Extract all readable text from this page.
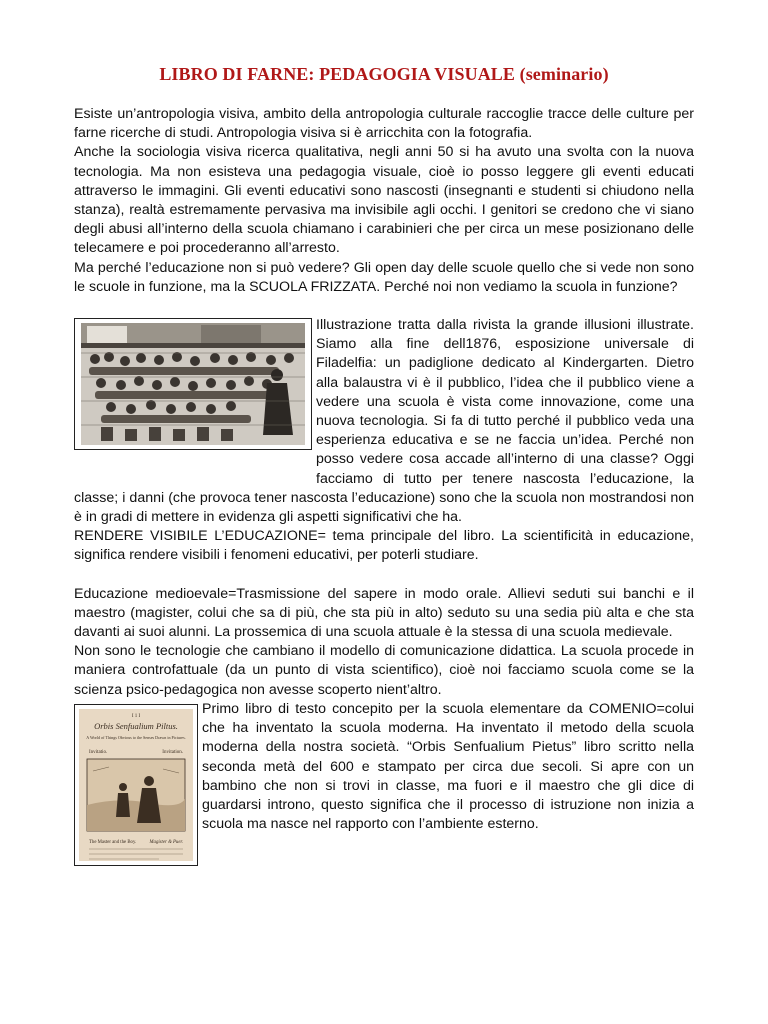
LIBRO DI FARNE: PEDAGOGIA VISUALE (seminario)

Esiste un’antropologia visiva, ambito della antropologia culturale raccoglie tracce delle culture per farne ricerche di studi. Antropologia visiva si è arricchita con la fotografia.

Anche la sociologia visiva ricerca qualitativa, negli anni 50 si ha avuto una svolta con la nuova tecnologia. Ma non esisteva una pedagogia visuale, cioè io posso leggere gli eventi educati attraverso le immagini. Gli eventi educativi sono nascosti (insegnanti e studenti si chiudono nella stanza), realtà estremamente pervasiva ma invisibile agli occhi. I genitori se credono che vi siano degli abusi all’interno della scuola chiamano i carabinieri che per circa un mese posizionano delle telecamere e poi procederanno all’arresto.

Ma perché l’educazione non si può vedere? Gli open day delle scuole quello che si vede non sono le scuole in funzione, ma la SCUOLA FRIZZATA. Perché noi non vediamo la scuola in funzione?

Illustrazione tratta dalla rivista la grande illusioni illustrate. Siamo alla fine dell1876, esposizione universale di Filadelfia: un padiglione dedicato al Kindergarten. Dietro alla balaustra vi è il pubblico, l’idea che il pubblico viene a vedere una scuola è vista come innovazione, come una nuova tecnologia. Si fa di tutto perché il pubblico veda una esperienza educativa e se ne faccia un’idea. Perché non posso vedere cosa accade all’interno di una classe? Oggi facciamo di tutto per tenere nascosta l’educazione, la classe; i danni (che provoca tener nascosta l’educazione) sono che la scuola non mostrandosi non è in gradi di mettere in evidenza gli aspetti significativi che ha.

RENDERE VISIBILE L’EDUCAZIONE= tema principale del libro. La scientificità in educazione, significa rendere visibili i fenomeni educativi, per poterli studiare.

Educazione medioevale=Trasmissione del sapere in modo orale. Allievi seduti sui banchi e il maestro (magister, colui che sa di più, che sta più in alto) seduto su una sedia più alta e che sta davanti ai suoi alunni. La prossemica di una scuola attuale è la stessa di una scuola medievale.

Non sono le tecnologie che cambiano il modello di comunicazione didattica. La scuola procede in maniera controfattuale (da un punto di vista scientifico), cioè noi facciamo scuola come se la scienza psico-pedagogica non avesse scoperto nient’altro.

I 1 I
Orbis Senfualium Piltus.
A World of Things Obvious to the Senses Drawn in Pictures.
Invitatio.	Invitation.
The Master and the Boy.	Magister & Puer.

Primo libro di testo concepito per la scuola elementare da COMENIO=colui che ha inventato la scuola moderna. Ha inventato il metodo della scuola moderna della nostra società. “Orbis Senfualium Pietus” libro scritto nella seconda metà del 600 e stampato per circa due secoli. Si apre con un bambino che non si trovi in classe, ma fuori e il maestro che gli dice di guardarsi introno, questo significa che il processo di istruzione non inizia a scuola ma nasce nel rapporto con l’ambiente esterno.
